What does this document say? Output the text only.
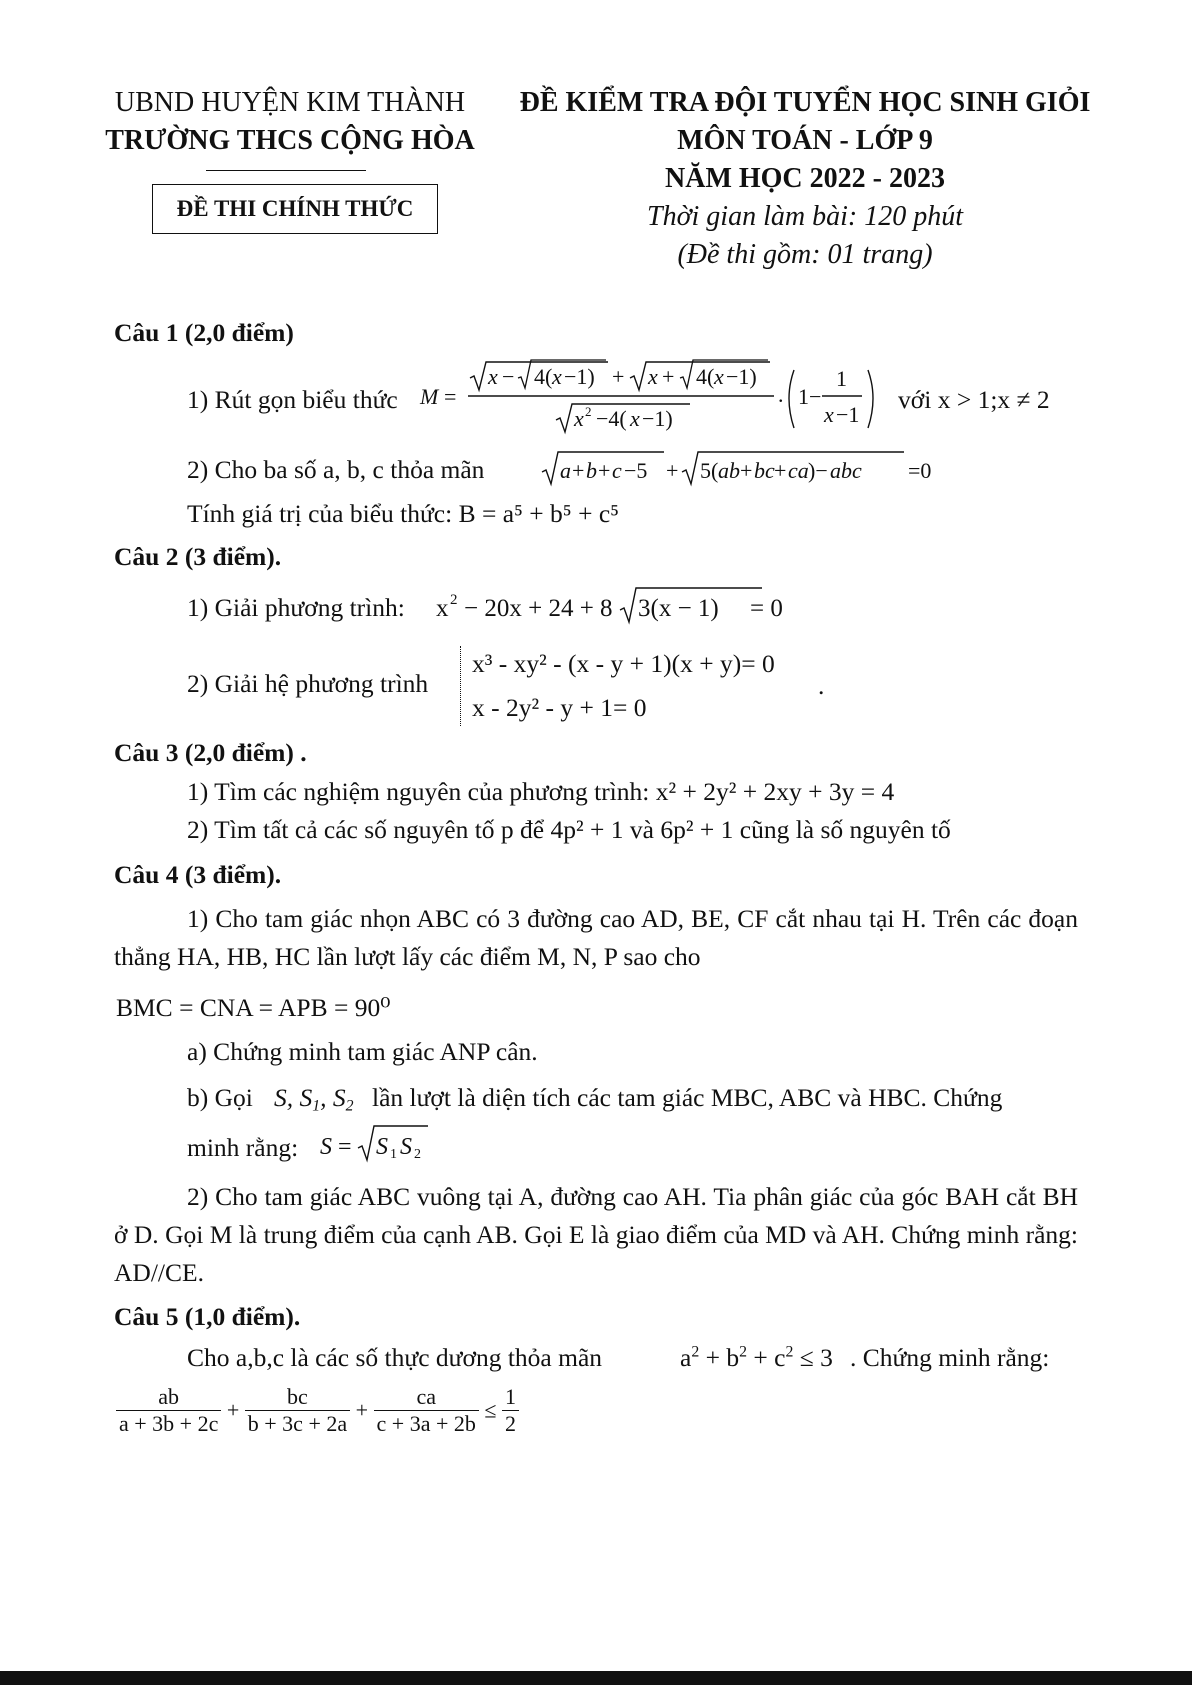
UBND HUYỆN KIM THÀNH
TRƯỜNG THCS CỘNG HÒA
ĐỀ THI CHÍNH THỨC
ĐỀ KIỂM TRA ĐỘI TUYỂN HỌC SINH GIỎI
MÔN TOÁN - LỚP 9
NĂM HỌC 2022 - 2023
Thời gian làm bài: 120 phút
(Đề thi gồm: 01 trang)
Câu 1 (2,0 điểm)
1) Rút gọn biểu thức M =
x − 4( x −1) + x + 4( x −1)
x 2 −4( x −1)
. 1−
1
x −1
với x > 1;x ≠ 2
2) Cho ba số a, b, c thỏa mãn	a + b + c −5 + 5( ab + bc + ca )− abc =0
Tính giá trị của biểu thức: B = a⁵ + b⁵ + c⁵
Câu 2 (3 điểm).
1) Giải phương trình: x 2 − 20x + 24 + 8 3(x − 1) = 0
2) Giải hệ phương trình
x³ - xy² - (x - y + 1)(x + y)= 0
x - 2y² - y + 1= 0
.
Câu 3 (2,0 điểm) .
1) Tìm các nghiệm nguyên của phương trình: x² + 2y² + 2xy + 3y = 4
2) Tìm tất cả các số nguyên tố p để 4p² + 1 và 6p² + 1 cũng là số nguyên tố
Câu 4 (3 điểm).
1) Cho tam giác nhọn ABC có 3 đường cao AD, BE, CF cắt nhau tại H. Trên các đoạn thẳng HA, HB, HC lần lượt lấy các điểm M, N, P sao cho
BMC = CNA = APB = 90⁰
a) Chứng minh tam giác ANP cân.
b) Gọi S, $S_1$, $S_2$ lần lượt là diện tích các tam giác MBC, ABC và HBC. Chứng
minh rằng: S = S 1 S 2
2) Cho tam giác ABC vuông tại A, đường cao AH. Tia phân giác của góc BAH cắt BH ở D. Gọi M là trung điểm của cạnh AB. Gọi E là giao điểm của MD và AH. Chứng minh rằng: AD//CE.
Câu 5 (1,0 điểm).
Cho a,b,c là các số thực dương thỏa mãn	$a^2 + b^2 + c^2 \le 3$ . Chứng minh rằng:
$\frac{ab}{a + 3b + 2c} + \frac{bc}{b + 3c + 2a} + \frac{ca}{c + 3a + 2b} \le \frac{1}{2}$
